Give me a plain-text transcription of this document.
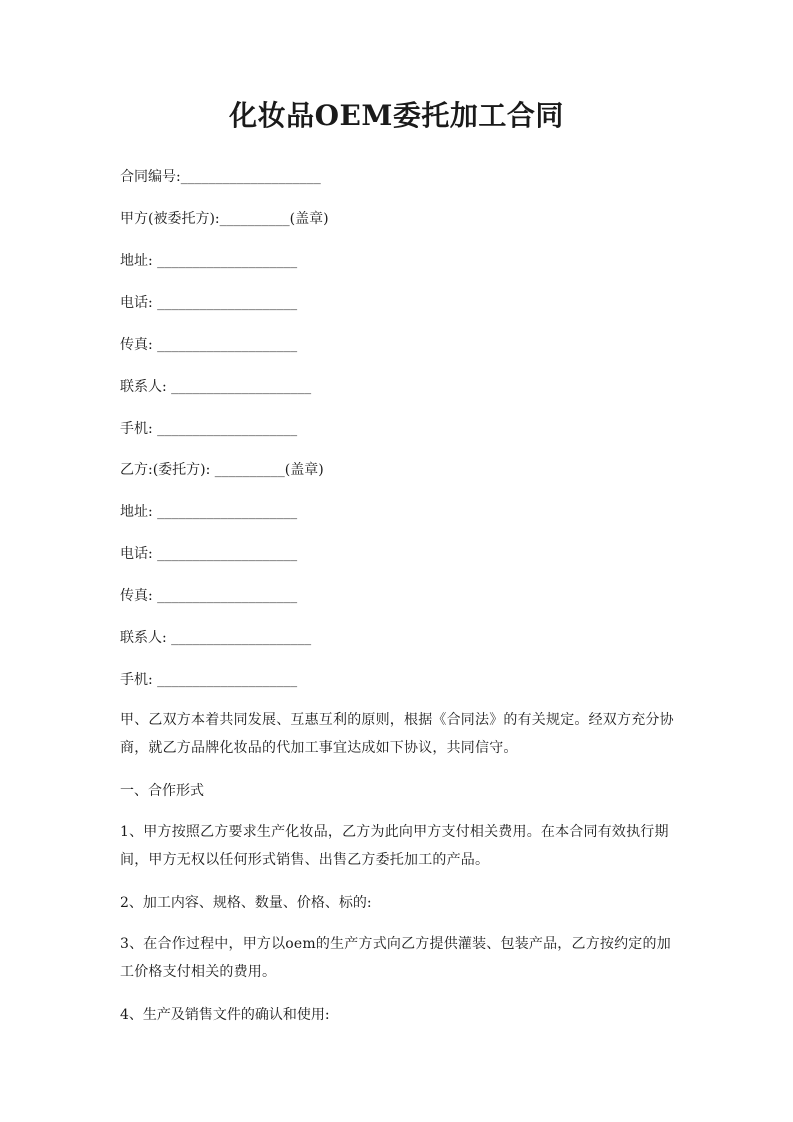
化妆品OEM委托加工合同
合同编号:____________________
甲方(被委托方):__________(盖章)
地址: ____________________
电话: ____________________
传真: ____________________
联系人: ____________________
手机: ____________________
乙方:(委托方): __________(盖章)
地址: ____________________
电话: ____________________
传真: ____________________
联系人: ____________________
手机: ____________________
甲、乙双方本着共同发展、互惠互利的原则，根据《合同法》的有关规定。经双方充分协商，就乙方品牌化妆品的代加工事宜达成如下协议，共同信守。
一、合作形式
1、甲方按照乙方要求生产化妆品，乙方为此向甲方支付相关费用。在本合同有效执行期间，甲方无权以任何形式销售、出售乙方委托加工的产品。
2、加工内容、规格、数量、价格、标的:
3、在合作过程中，甲方以oem的生产方式向乙方提供灌装、包装产品，乙方按约定的加工价格支付相关的费用。
4、生产及销售文件的确认和使用:
